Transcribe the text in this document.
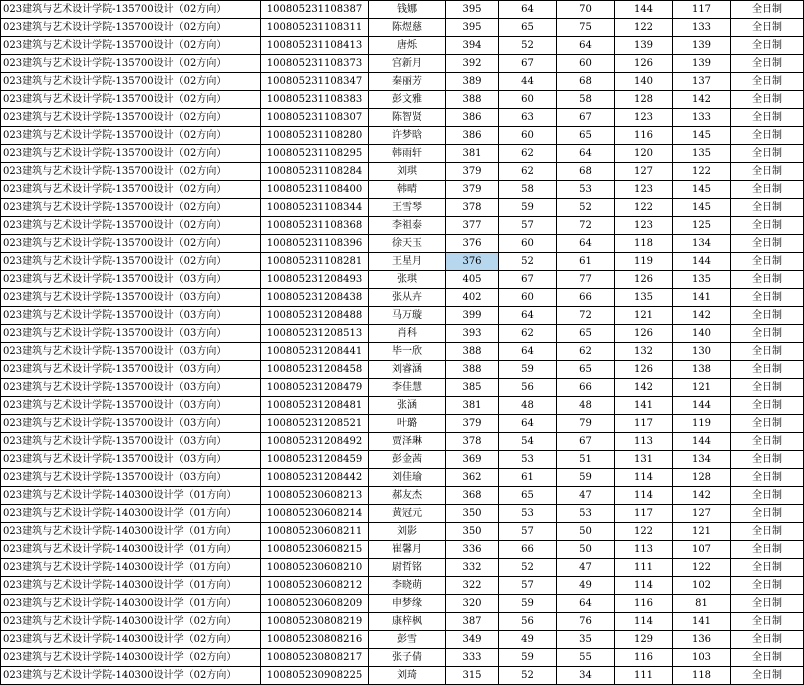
023建筑与艺术设计学院-135700设计（02方向）	100805231108387	钱娜	395	64	70	144	117	全日制
023建筑与艺术设计学院-135700设计（02方向）	100805231108311	陈煜慈	395	65	75	122	133	全日制
023建筑与艺术设计学院-135700设计（02方向）	100805231108413	唐烁	394	52	64	139	139	全日制
023建筑与艺术设计学院-135700设计（02方向）	100805231108373	宫新月	392	67	60	126	139	全日制
023建筑与艺术设计学院-135700设计（02方向）	100805231108347	秦丽芳	389	44	68	140	137	全日制
023建筑与艺术设计学院-135700设计（02方向）	100805231108383	彭文雅	388	60	58	128	142	全日制
023建筑与艺术设计学院-135700设计（02方向）	100805231108307	陈智贤	386	63	67	123	133	全日制
023建筑与艺术设计学院-135700设计（02方向）	100805231108280	许梦晗	386	60	65	116	145	全日制
023建筑与艺术设计学院-135700设计（02方向）	100805231108295	韩雨轩	381	62	64	120	135	全日制
023建筑与艺术设计学院-135700设计（02方向）	100805231108284	刘琪	379	62	68	127	122	全日制
023建筑与艺术设计学院-135700设计（02方向）	100805231108400	韩晴	379	58	53	123	145	全日制
023建筑与艺术设计学院-135700设计（02方向）	100805231108344	王雪琴	378	59	52	122	145	全日制
023建筑与艺术设计学院-135700设计（02方向）	100805231108368	李祖泰	377	57	72	123	125	全日制
023建筑与艺术设计学院-135700设计（02方向）	100805231108396	徐天玉	376	60	64	118	134	全日制
023建筑与艺术设计学院-135700设计（02方向）	100805231108281	王星月	376	52	61	119	144	全日制
023建筑与艺术设计学院-135700设计（03方向）	100805231208493	张琪	405	67	77	126	135	全日制
023建筑与艺术设计学院-135700设计（03方向）	100805231208438	张从卉	402	60	66	135	141	全日制
023建筑与艺术设计学院-135700设计（03方向）	100805231208488	马万璇	399	64	72	121	142	全日制
023建筑与艺术设计学院-135700设计（03方向）	100805231208513	肖科	393	62	65	126	140	全日制
023建筑与艺术设计学院-135700设计（03方向）	100805231208441	毕一欣	388	64	62	132	130	全日制
023建筑与艺术设计学院-135700设计（03方向）	100805231208458	刘睿涵	388	59	65	126	138	全日制
023建筑与艺术设计学院-135700设计（03方向）	100805231208479	李佳慧	385	56	66	142	121	全日制
023建筑与艺术设计学院-135700设计（03方向）	100805231208481	张涵	381	48	48	141	144	全日制
023建筑与艺术设计学院-135700设计（03方向）	100805231208521	叶璐	379	64	79	117	119	全日制
023建筑与艺术设计学院-135700设计（03方向）	100805231208492	贾泽琳	378	54	67	113	144	全日制
023建筑与艺术设计学院-135700设计（03方向）	100805231208459	彭金茜	369	53	51	131	134	全日制
023建筑与艺术设计学院-135700设计（03方向）	100805231208442	刘佳瑜	362	61	59	114	128	全日制
023建筑与艺术设计学院-140300设计学（01方向）	100805230608213	郝友杰	368	65	47	114	142	全日制
023建筑与艺术设计学院-140300设计学（01方向）	100805230608214	黄冠元	350	53	53	117	127	全日制
023建筑与艺术设计学院-140300设计学（01方向）	100805230608211	刘影	350	57	50	122	121	全日制
023建筑与艺术设计学院-140300设计学（01方向）	100805230608215	崔馨月	336	66	50	113	107	全日制
023建筑与艺术设计学院-140300设计学（01方向）	100805230608210	尉哲铭	332	52	47	111	122	全日制
023建筑与艺术设计学院-140300设计学（01方向）	100805230608212	李晓萌	322	57	49	114	102	全日制
023建筑与艺术设计学院-140300设计学（01方向）	100805230608209	申梦缘	320	59	64	116	81	全日制
023建筑与艺术设计学院-140300设计学（02方向）	100805230808219	康梓枫	387	56	76	114	141	全日制
023建筑与艺术设计学院-140300设计学（02方向）	100805230808216	彭雪	349	49	35	129	136	全日制
023建筑与艺术设计学院-140300设计学（02方向）	100805230808217	张子倩	333	59	55	116	103	全日制
023建筑与艺术设计学院-140300设计学（02方向）	100805230908225	刘琦	315	52	34	111	118	全日制
